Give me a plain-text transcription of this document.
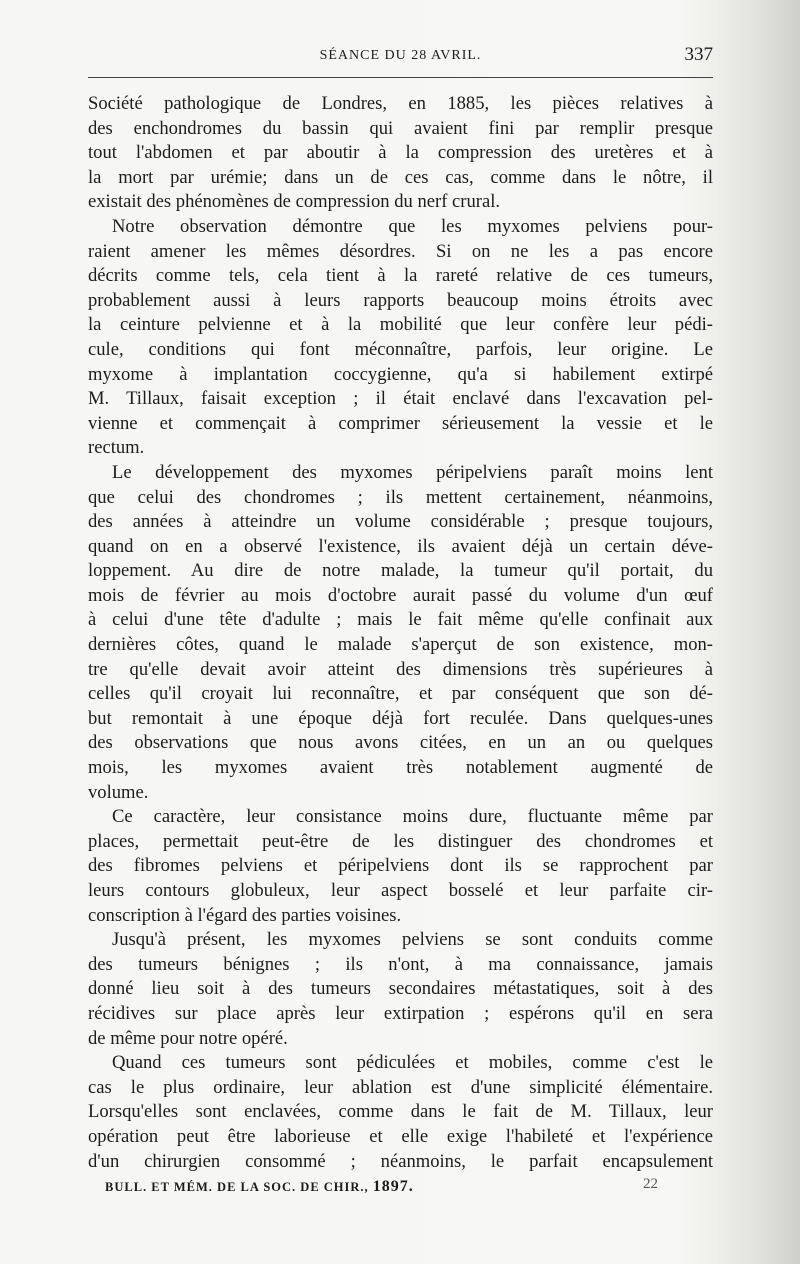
SÉANCE DU 28 AVRIL.	337
Société pathologique de Londres, en 1885, les pièces relatives à
des enchondromes du bassin qui avaient fini par remplir presque
tout l'abdomen et par aboutir à la compression des uretères et à
la mort par urémie; dans un de ces cas, comme dans le nôtre, il
existait des phénomènes de compression du nerf crural.
Notre observation démontre que les myxomes pelviens pour-
raient amener les mêmes désordres. Si on ne les a pas encore
décrits comme tels, cela tient à la rareté relative de ces tumeurs,
probablement aussi à leurs rapports beaucoup moins étroits avec
la ceinture pelvienne et à la mobilité que leur confère leur pédi-
cule, conditions qui font méconnaître, parfois, leur origine. Le
myxome à implantation coccygienne, qu'a si habilement extirpé
M. Tillaux, faisait exception ; il était enclavé dans l'excavation pel-
vienne et commençait à comprimer sérieusement la vessie et le
rectum.
Le développement des myxomes péripelviens paraît moins lent
que celui des chondromes ; ils mettent certainement, néanmoins,
des années à atteindre un volume considérable ; presque toujours,
quand on en a observé l'existence, ils avaient déjà un certain déve-
loppement. Au dire de notre malade, la tumeur qu'il portait, du
mois de février au mois d'octobre aurait passé du volume d'un œuf
à celui d'une tête d'adulte ; mais le fait même qu'elle confinait aux
dernières côtes, quand le malade s'aperçut de son existence, mon-
tre qu'elle devait avoir atteint des dimensions très supérieures à
celles qu'il croyait lui reconnaître, et par conséquent que son dé-
but remontait à une époque déjà fort reculée. Dans quelques-unes
des observations que nous avons citées, en un an ou quelques
mois, les myxomes avaient très notablement augmenté de
volume.
Ce caractère, leur consistance moins dure, fluctuante même par
places, permettait peut-être de les distinguer des chondromes et
des fibromes pelviens et péripelviens dont ils se rapprochent par
leurs contours globuleux, leur aspect bosselé et leur parfaite cir-
conscription à l'égard des parties voisines.
Jusqu'à présent, les myxomes pelviens se sont conduits comme
des tumeurs bénignes ; ils n'ont, à ma connaissance, jamais
donné lieu soit à des tumeurs secondaires métastatiques, soit à des
récidives sur place après leur extirpation ; espérons qu'il en sera
de même pour notre opéré.
Quand ces tumeurs sont pédiculées et mobiles, comme c'est le
cas le plus ordinaire, leur ablation est d'une simplicité élémentaire.
Lorsqu'elles sont enclavées, comme dans le fait de M. Tillaux, leur
opération peut être laborieuse et elle exige l'habileté et l'expérience
d'un chirurgien consommé ; néanmoins, le parfait encapsulement
BULL. ET MÉM. DE LA SOC. DE CHIR., 1897.	22
